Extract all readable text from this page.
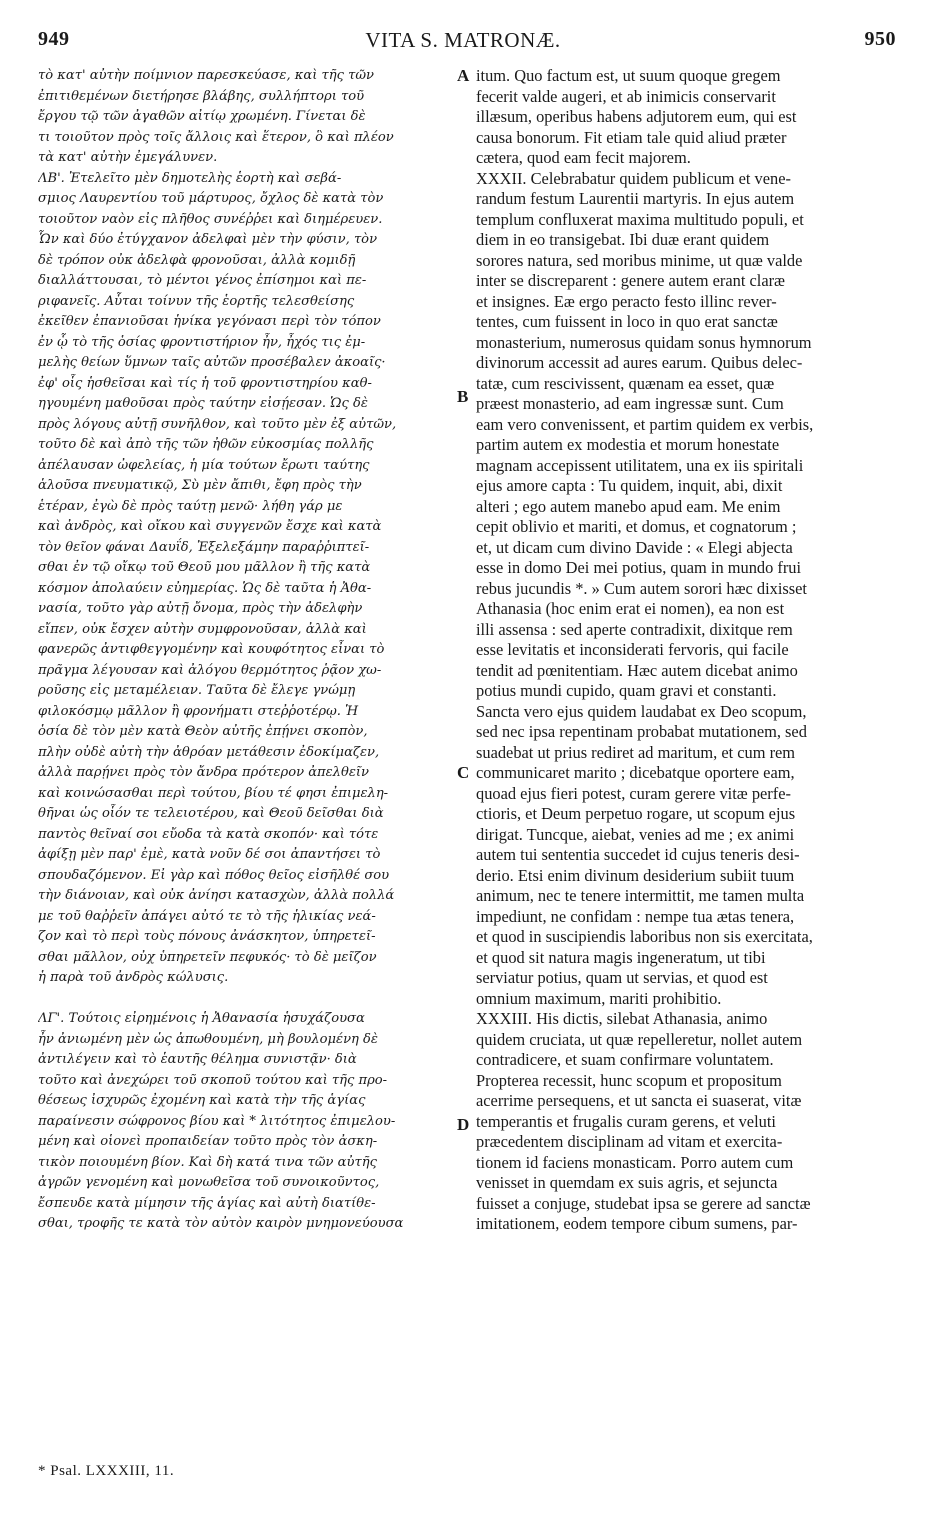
949	VITA S. MATRONÆ.	950
τὸ κατ' αὐτὴν ποίμνιον παρεσκεύασε, καὶ τῆς τῶν
ἐπιτιθεμένων διετήρησε βλάβης, συλλήπτορι τοῦ
ἔργου τῷ τῶν ἀγαθῶν αἰτίῳ χρωμένη. Γίνεται δὲ
τι τοιοῦτον πρὸς τοῖς ἄλλοις καὶ ἕτερον, ὃ καὶ πλέον
τὰ κατ' αὐτὴν ἐμεγάλυνεν.
ΛΒ'. Ἐτελεῖτο μὲν δημοτελὴς ἑορτὴ καὶ σεβά-
σμιος Λαυρεντίου τοῦ μάρτυρος, ὄχλος δὲ κατὰ τὸν
τοιοῦτον ναὸν εἰς πλῆθος συνέῤῥει καὶ διημέρευεν.
Ὧν καὶ δύο ἐτύγχανον ἀδελφαὶ μὲν τὴν φύσιν, τὸν
δὲ τρόπον οὐκ ἀδελφὰ φρονοῦσαι, ἀλλὰ κομιδῇ
διαλλάττουσαι, τὸ μέντοι γένος ἐπίσημοι καὶ πε-
ριφανεῖς. Αὗται τοίνυν τῆς ἑορτῆς τελεσθείσης
ἐκεῖθεν ἐπανιοῦσαι ἡνίκα γεγόνασι περὶ τὸν τόπον
ἐν ᾧ τὸ τῆς ὁσίας φροντιστήριον ἦν, ἦχός τις ἐμ-
μελὴς θείων ὕμνων ταῖς αὐτῶν προσέβαλεν ἀκοαῖς·
ἐφ' οἷς ἡσθεῖσαι καὶ τίς ἡ τοῦ φροντιστηρίου καθ-
ηγουμένη μαθοῦσαι πρὸς ταύτην εἰσῄεσαν. Ὡς δὲ
πρὸς λόγους αὐτῇ συνῆλθον, καὶ τοῦτο μὲν ἐξ αὐτῶν,
τοῦτο δὲ καὶ ἀπὸ τῆς τῶν ἠθῶν εὐκοσμίας πολλῆς
ἀπέλαυσαν ὠφελείας, ἡ μία τούτων ἔρωτι ταύτης
ἁλοῦσα πνευματικῷ, Σὺ μὲν ἄπιθι, ἔφη πρὸς τὴν
ἑτέραν, ἐγὼ δὲ πρὸς ταύτῃ μενῶ· λήθη γάρ με
καὶ ἀνδρὸς, καὶ οἴκου καὶ συγγενῶν ἔσχε καὶ κατὰ
τὸν θεῖον φάναι Δαυΐδ, Ἐξελεξάμην παραῤῥιπτεῖ-
σθαι ἐν τῷ οἴκῳ τοῦ Θεοῦ μου μᾶλλον ἢ τῆς κατὰ
κόσμον ἀπολαύειν εὐημερίας. Ὡς δὲ ταῦτα ἡ Ἀθα-
νασία, τοῦτο γὰρ αὐτῇ ὄνομα, πρὸς τὴν ἀδελφὴν
εἴπεν, οὐκ ἔσχεν αὐτὴν συμφρονοῦσαν, ἀλλὰ καὶ
φανερῶς ἀντιφθεγγομένην καὶ κουφότητος εἶναι τὸ
πρᾶγμα λέγουσαν καὶ ἀλόγου θερμότητος ῥᾷον χω-
ροῦσης εἰς μεταμέλειαν. Ταῦτα δὲ ἔλεγε γνώμῃ
φιλοκόσμῳ μᾶλλον ἢ φρονήματι στεῤῥοτέρῳ. Ἡ
ὁσία δὲ τὸν μὲν κατὰ Θεὸν αὐτῆς ἐπῄνει σκοπὸν,
πλὴν οὐδὲ αὐτὴ τὴν ἀθρόαν μετάθεσιν ἐδοκίμαζεν,
ἀλλὰ παρῄνει πρὸς τὸν ἄνδρα πρότερον ἀπελθεῖν
καὶ κοινώσασθαι περὶ τούτου, βίου τέ φησι ἐπιμελη-
θῆναι ὡς οἷόν τε τελειοτέρου, καὶ Θεοῦ δεῖσθαι διὰ
παντὸς θεῖναί σοι εὔοδα τὰ κατὰ σκοπόν· καὶ τότε
ἀφίξῃ μὲν παρ' ἐμὲ, κατὰ νοῦν δέ σοι ἀπαντήσει τὸ
σπουδαζόμενον. Εἰ γὰρ καὶ πόθος θεῖος εἰσῆλθέ σου
τὴν διάνοιαν, καὶ οὐκ ἀνίησι κατασχὼν, ἀλλὰ πολλά
με τοῦ θαῤῥεῖν ἀπάγει αὐτό τε τὸ τῆς ἡλικίας νεά-
ζον καὶ τὸ περὶ τοὺς πόνους ἀνάσκητον, ὑπηρετεῖ-
σθαι μᾶλλον, οὐχ ὑπηρετεῖν πεφυκός· τὸ δὲ μεῖζον
ἡ παρὰ τοῦ ἀνδρὸς κώλυσις.
ΛΓ'. Τούτοις εἰρημένοις ἡ Ἀθανασία ἡσυχάζουσα
ἦν ἀνιωμένη μὲν ὡς ἀπωθουμένη, μὴ βουλομένη δὲ
ἀντιλέγειν καὶ τὸ ἑαυτῆς θέλημα συνιστᾷν· διὰ
τοῦτο καὶ ἀνεχώρει τοῦ σκοποῦ τούτου καὶ τῆς προ-
θέσεως ἰσχυρῶς ἐχομένη καὶ κατὰ τὴν τῆς ἁγίας
παραίνεσιν σώφρονος βίου καὶ * λιτότητος ἐπιμελου-
μένη καὶ οἱονεὶ προπαιδείαν τοῦτο πρὸς τὸν ἀσκη-
τικὸν ποιουμένη βίον. Καὶ δὴ κατά τινα τῶν αὐτῆς
ἀγρῶν γενομένη καὶ μονωθεῖσα τοῦ συνοικοῦντος,
ἔσπευδε κατὰ μίμησιν τῆς ἁγίας καὶ αὐτὴ διατίθε-
σθαι, τροφῆς τε κατὰ τὸν αὐτὸν καιρὸν μνημονεύουσα
itum. Quo factum est, ut suum quoque gregem
fecerit valde augeri, et ab inimicis conservarit
illæsum, operibus habens adjutorem eum, qui est
causa bonorum. Fit etiam tale quid aliud præter
cætera, quod eam fecit majorem.
XXXII. Celebrabatur quidem publicum et vene-
randum festum Laurentii martyris. In ejus autem
templum confluxerat maxima multitudo populi, et
diem in eo transigebat. Ibi duæ erant quidem
sorores natura, sed moribus minime, ut quæ valde
inter se discreparent : genere autem erant claræ
et insignes. Eæ ergo peracto festo illinc rever-
tentes, cum fuissent in loco in quo erat sanctæ
monasterium, numerosus quidam sonus hymnorum
divinorum accessit ad aures earum. Quibus delec-
tatæ, cum rescivissent, quænam ea esset, quæ
præest monasterio, ad eam ingressæ sunt. Cum
eam vero convenissent, et partim quidem ex verbis,
partim autem ex modestia et morum honestate
magnam accepissent utilitatem, una ex iis spiritali
ejus amore capta : Tu quidem, inquit, abi, dixit
alteri ; ego autem manebo apud eam. Me enim
cepit oblivio et mariti, et domus, et cognatorum ;
et, ut dicam cum divino Davide : « Elegi abjecta
esse in domo Dei mei potius, quam in mundo frui
rebus jucundis *. » Cum autem sorori hæc dixisset
Athanasia (hoc enim erat ei nomen), ea non est
illi assensa : sed aperte contradixit, dixitque rem
esse levitatis et inconsiderati fervoris, qui facile
tendit ad pœnitentiam. Hæc autem dicebat animo
potius mundi cupido, quam gravi et constanti.
Sancta vero ejus quidem laudabat ex Deo scopum,
sed nec ipsa repentinam probabat mutationem, sed
suadebat ut prius rediret ad maritum, et cum rem
communicaret marito ; dicebatque oportere eam,
quoad ejus fieri potest, curam gerere vitæ perfe-
ctioris, et Deum perpetuo rogare, ut scopum ejus
dirigat. Tuncque, aiebat, venies ad me ; ex animi
autem tui sententia succedet id cujus teneris desi-
derio. Etsi enim divinum desiderium subiit tuum
animum, nec te tenere intermittit, me tamen multa
impediunt, ne confidam : nempe tua ætas tenera,
et quod in suscipiendis laboribus non sis exercitata,
et quod sit natura magis ingeneratum, ut tibi
serviatur potius, quam ut servias, et quod est
omnium maximum, mariti prohibitio.
XXXIII. His dictis, silebat Athanasia, animo
quidem cruciata, ut quæ repelleretur, nollet autem
contradicere, et suam confirmare voluntatem.
Propterea recessit, hunc scopum et propositum
acerrime persequens, et ut sancta ei suaserat, vitæ
temperantis et frugalis curam gerens, et veluti
præcedentem disciplinam ad vitam et exercita-
tionem id faciens monasticam. Porro autem cum
venisset in quemdam ex suis agris, et sejuncta
fuisset a conjuge, studebat ipsa se gerere ad sanctæ
imitationem, eodem tempore cibum sumens, par-
A
B
C
D
* Psal. LXXXIII, 11.
